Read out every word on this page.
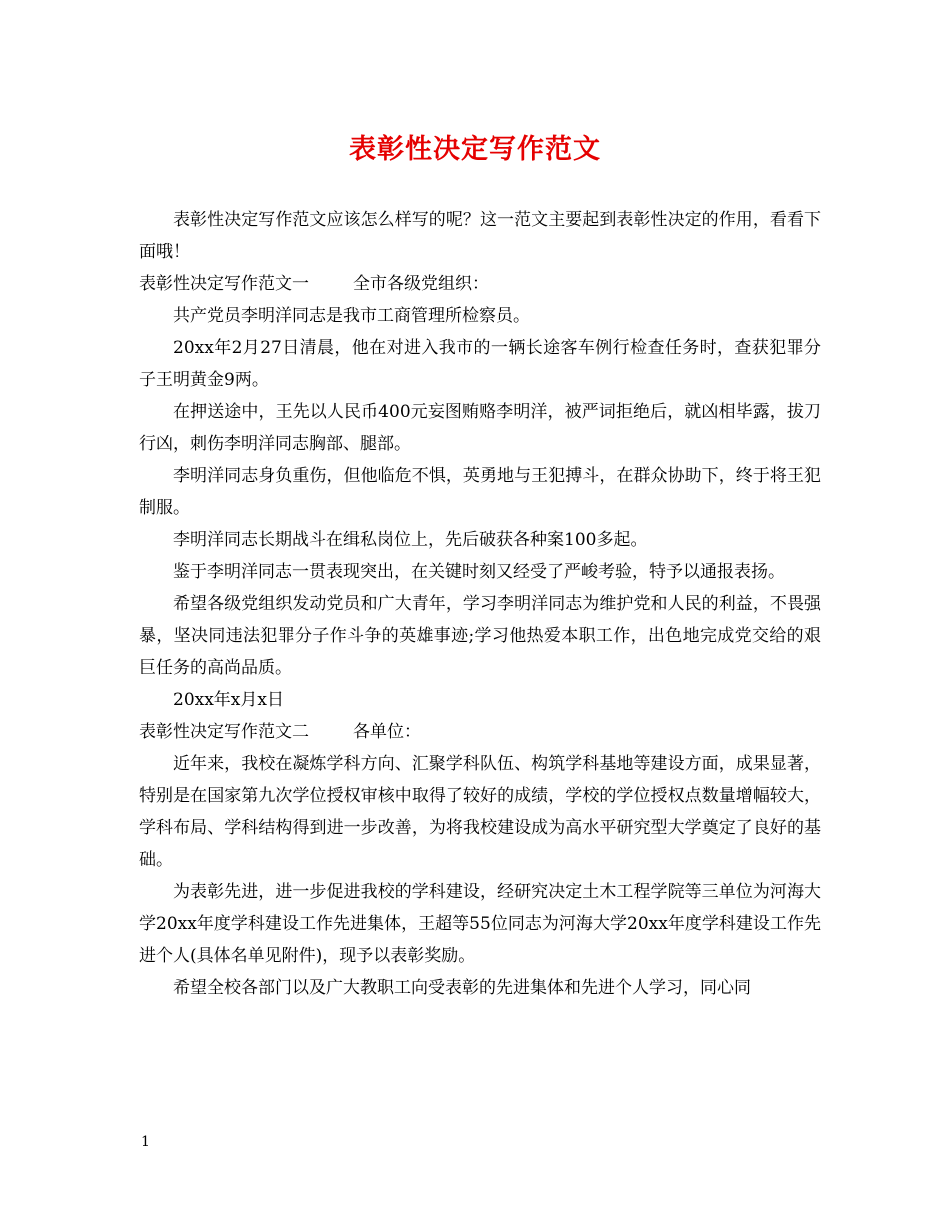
表彰性决定写作范文

表彰性决定写作范文应该怎么样写的呢？这一范文主要起到表彰性决定的作用，看看下面哦！

表彰性决定写作范文一	全市各级党组织：

共产党员李明洋同志是我市工商管理所检察员。

20xx年2月27日清晨，他在对进入我市的一辆长途客车例行检查任务时，查获犯罪分子王明黄金9两。

在押送途中，王先以人民币400元妄图贿赂李明洋，被严词拒绝后，就凶相毕露，拔刀行凶，刺伤李明洋同志胸部、腿部。

李明洋同志身负重伤，但他临危不惧，英勇地与王犯搏斗，在群众协助下，终于将王犯制服。

李明洋同志长期战斗在缉私岗位上，先后破获各种案100多起。

鉴于李明洋同志一贯表现突出，在关键时刻又经受了严峻考验，特予以通报表扬。

希望各级党组织发动党员和广大青年，学习李明洋同志为维护党和人民的利益，不畏强暴，坚决同违法犯罪分子作斗争的英雄事迹;学习他热爱本职工作，出色地完成党交给的艰巨任务的高尚品质。

20xx年x月x日

表彰性决定写作范文二	各单位：

近年来，我校在凝炼学科方向、汇聚学科队伍、构筑学科基地等建设方面，成果显著，特别是在国家第九次学位授权审核中取得了较好的成绩，学校的学位授权点数量增幅较大，学科布局、学科结构得到进一步改善，为将我校建设成为高水平研究型大学奠定了良好的基础。

为表彰先进，进一步促进我校的学科建设，经研究决定土木工程学院等三单位为河海大学20xx年度学科建设工作先进集体，王超等55位同志为河海大学20xx年度学科建设工作先进个人(具体名单见附件)，现予以表彰奖励。

希望全校各部门以及广大教职工向受表彰的先进集体和先进个人学习，同心同

1
